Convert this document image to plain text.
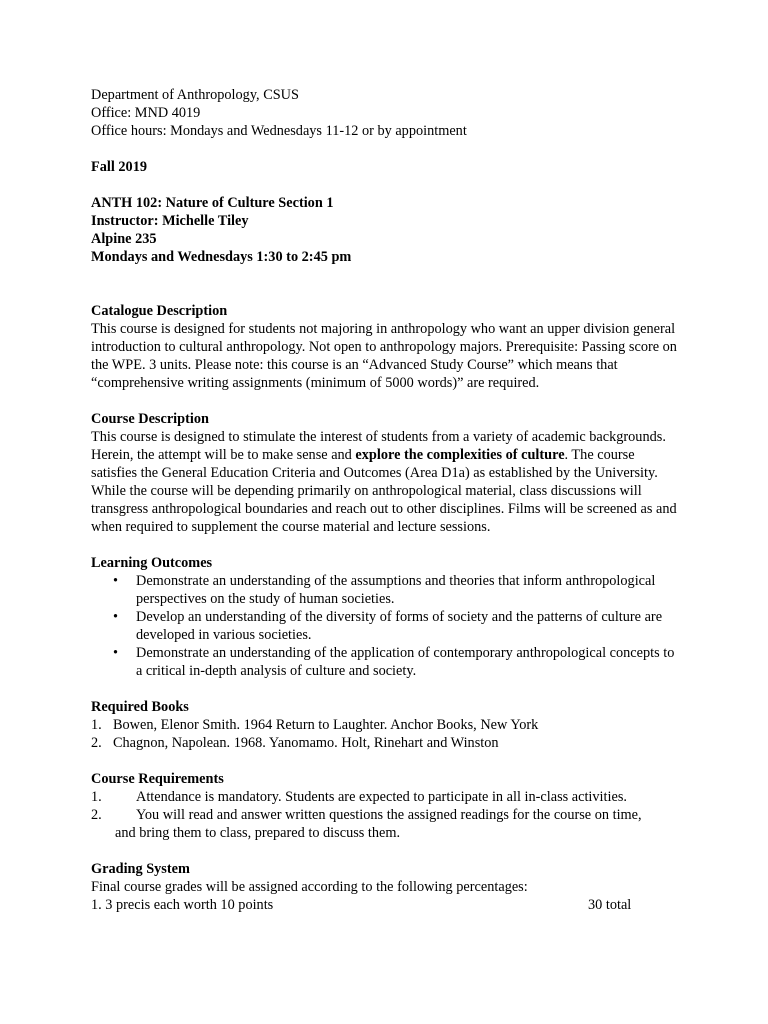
Department of Anthropology, CSUS
Office: MND 4019
Office hours: Mondays and Wednesdays 11-12 or by appointment
Fall 2019
ANTH 102: Nature of Culture Section 1
Instructor: Michelle Tiley
Alpine 235
Mondays and Wednesdays 1:30 to 2:45 pm
Catalogue Description
This course is designed for students not majoring in anthropology who want an upper division general introduction to cultural anthropology. Not open to anthropology majors. Prerequisite: Passing score on the WPE. 3 units. Please note: this course is an “Advanced Study Course” which means that “comprehensive writing assignments (minimum of 5000 words)” are required.
Course Description
This course is designed to stimulate the interest of students from a variety of academic backgrounds. Herein, the attempt will be to make sense and explore the complexities of culture. The course satisfies the General Education Criteria and Outcomes (Area D1a) as established by the University. While the course will be depending primarily on anthropological material, class discussions will transgress anthropological boundaries and reach out to other disciplines. Films will be screened as and when required to supplement the course material and lecture sessions.
Learning Outcomes
• Demonstrate an understanding of the assumptions and theories that inform anthropological perspectives on the study of human societies.
• Develop an understanding of the diversity of forms of society and the patterns of culture are developed in various societies.
• Demonstrate an understanding of the application of contemporary anthropological concepts to a critical in-depth analysis of culture and society.
Required Books
1. Bowen, Elenor Smith. 1964 Return to Laughter. Anchor Books, New York
2. Chagnon, Napolean. 1968. Yanomamo. Holt, Rinehart and Winston
Course Requirements
1. Attendance is mandatory. Students are expected to participate in all in-class activities.
2. You will read and answer written questions the assigned readings for the course on time,
and bring them to class, prepared to discuss them.
Grading System
Final course grades will be assigned according to the following percentages:
1. 3 precis each worth 10 points	30 total
